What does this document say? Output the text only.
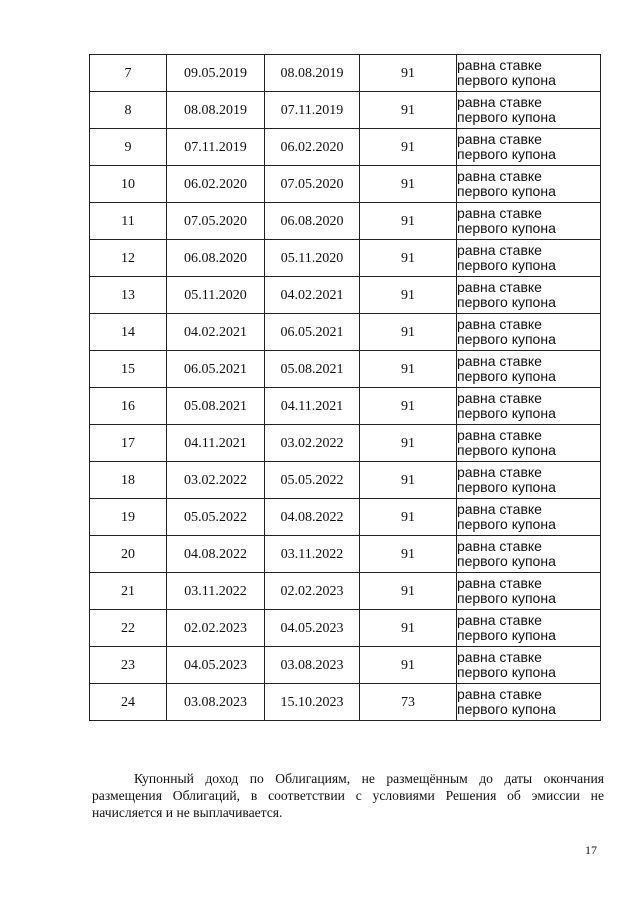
7	09.05.2019	08.08.2019	91	равна ставке
первого купона

8	08.08.2019	07.11.2019	91	равна ставке
первого купона

9	07.11.2019	06.02.2020	91	равна ставке
первого купона

10	06.02.2020	07.05.2020	91	равна ставке
первого купона

11	07.05.2020	06.08.2020	91	равна ставке
первого купона

12	06.08.2020	05.11.2020	91	равна ставке
первого купона

13	05.11.2020	04.02.2021	91	равна ставке
первого купона

14	04.02.2021	06.05.2021	91	равна ставке
первого купона

15	06.05.2021	05.08.2021	91	равна ставке
первого купона

16	05.08.2021	04.11.2021	91	равна ставке
первого купона

17	04.11.2021	03.02.2022	91	равна ставке
первого купона

18	03.02.2022	05.05.2022	91	равна ставке
первого купона

19	05.05.2022	04.08.2022	91	равна ставке
первого купона

20	04.08.2022	03.11.2022	91	равна ставке
первого купона

21	03.11.2022	02.02.2023	91	равна ставке
первого купона

22	02.02.2023	04.05.2023	91	равна ставке
первого купона

23	04.05.2023	03.08.2023	91	равна ставке
первого купона

24	03.08.2023	15.10.2023	73	равна ставке
первого купона

Купонный доход по Облигациям, не размещённым до даты окончания размещения Облигаций, в соответствии с условиями Решения об эмиссии не начисляется и не выплачивается.

17
